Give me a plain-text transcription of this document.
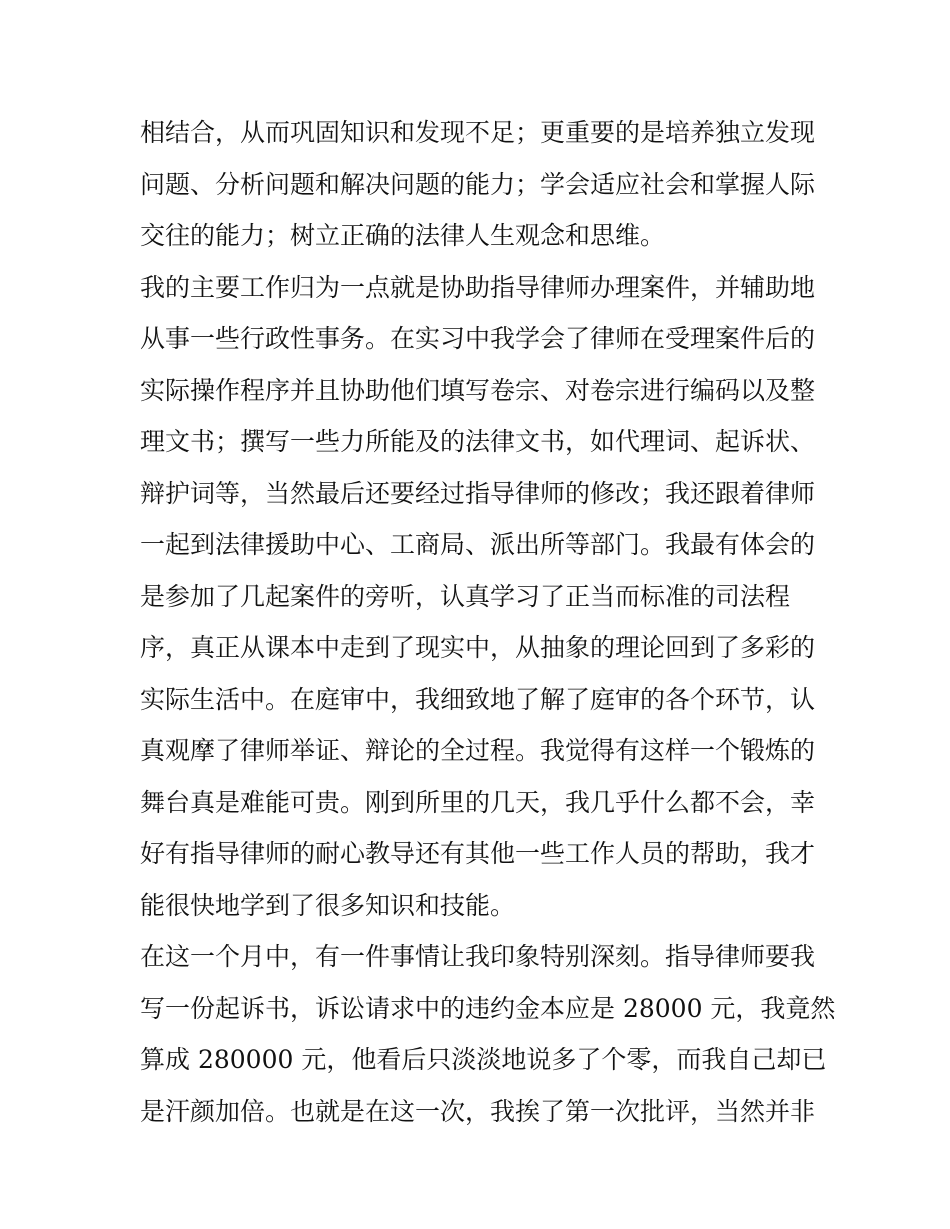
相结合，从而巩固知识和发现不足；更重要的是培养独立发现
问题、分析问题和解决问题的能力；学会适应社会和掌握人际
交往的能力；树立正确的法律人生观念和思维。
我的主要工作归为一点就是协助指导律师办理案件，并辅助地
从事一些行政性事务。在实习中我学会了律师在受理案件后的
实际操作程序并且协助他们填写卷宗、对卷宗进行编码以及整
理文书；撰写一些力所能及的法律文书，如代理词、起诉状、
辩护词等，当然最后还要经过指导律师的修改；我还跟着律师
一起到法律援助中心、工商局、派出所等部门。我最有体会的
是参加了几起案件的旁听，认真学习了正当而标准的司法程
序，真正从课本中走到了现实中，从抽象的理论回到了多彩的
实际生活中。在庭审中，我细致地了解了庭审的各个环节，认
真观摩了律师举证、辩论的全过程。我觉得有这样一个锻炼的
舞台真是难能可贵。刚到所里的几天，我几乎什么都不会，幸
好有指导律师的耐心教导还有其他一些工作人员的帮助，我才
能很快地学到了很多知识和技能。
在这一个月中，有一件事情让我印象特别深刻。指导律师要我
写一份起诉书，诉讼请求中的违约金本应是 28000 元，我竟然
算成 280000 元，他看后只淡淡地说多了个零，而我自己却已
是汗颜加倍。也就是在这一次，我挨了第一次批评，当然并非
